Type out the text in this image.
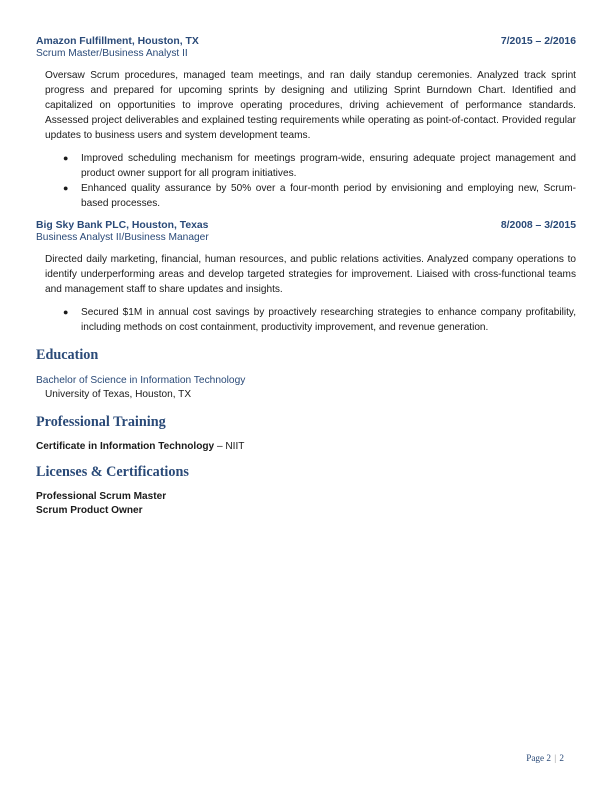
Amazon Fulfillment, Houston, TX	7/2015 – 2/2016
Scrum Master/Business Analyst II
Oversaw Scrum procedures, managed team meetings, and ran daily standup ceremonies. Analyzed track sprint progress and prepared for upcoming sprints by designing and utilizing Sprint Burndown Chart. Identified and capitalized on opportunities to improve operating procedures, driving achievement of performance standards. Assessed project deliverables and explained testing requirements while operating as point-of-contact. Provided regular updates to business users and system development teams.
● Improved scheduling mechanism for meetings program-wide, ensuring adequate project management and product owner support for all program initiatives.
● Enhanced quality assurance by 50% over a four-month period by envisioning and employing new, Scrum-based processes.
Big Sky Bank PLC, Houston, Texas	8/2008 – 3/2015
Business Analyst II/Business Manager
Directed daily marketing, financial, human resources, and public relations activities. Analyzed company operations to identify underperforming areas and develop targeted strategies for improvement. Liaised with cross-functional teams and management staff to share updates and insights.
● Secured $1M in annual cost savings by proactively researching strategies to enhance company profitability, including methods on cost containment, productivity improvement, and revenue generation.
Education
Bachelor of Science in Information Technology
University of Texas, Houston, TX
Professional Training
Certificate in Information Technology – NIIT
Licenses & Certifications
Professional Scrum Master
Scrum Product Owner
Page 2 | 2
